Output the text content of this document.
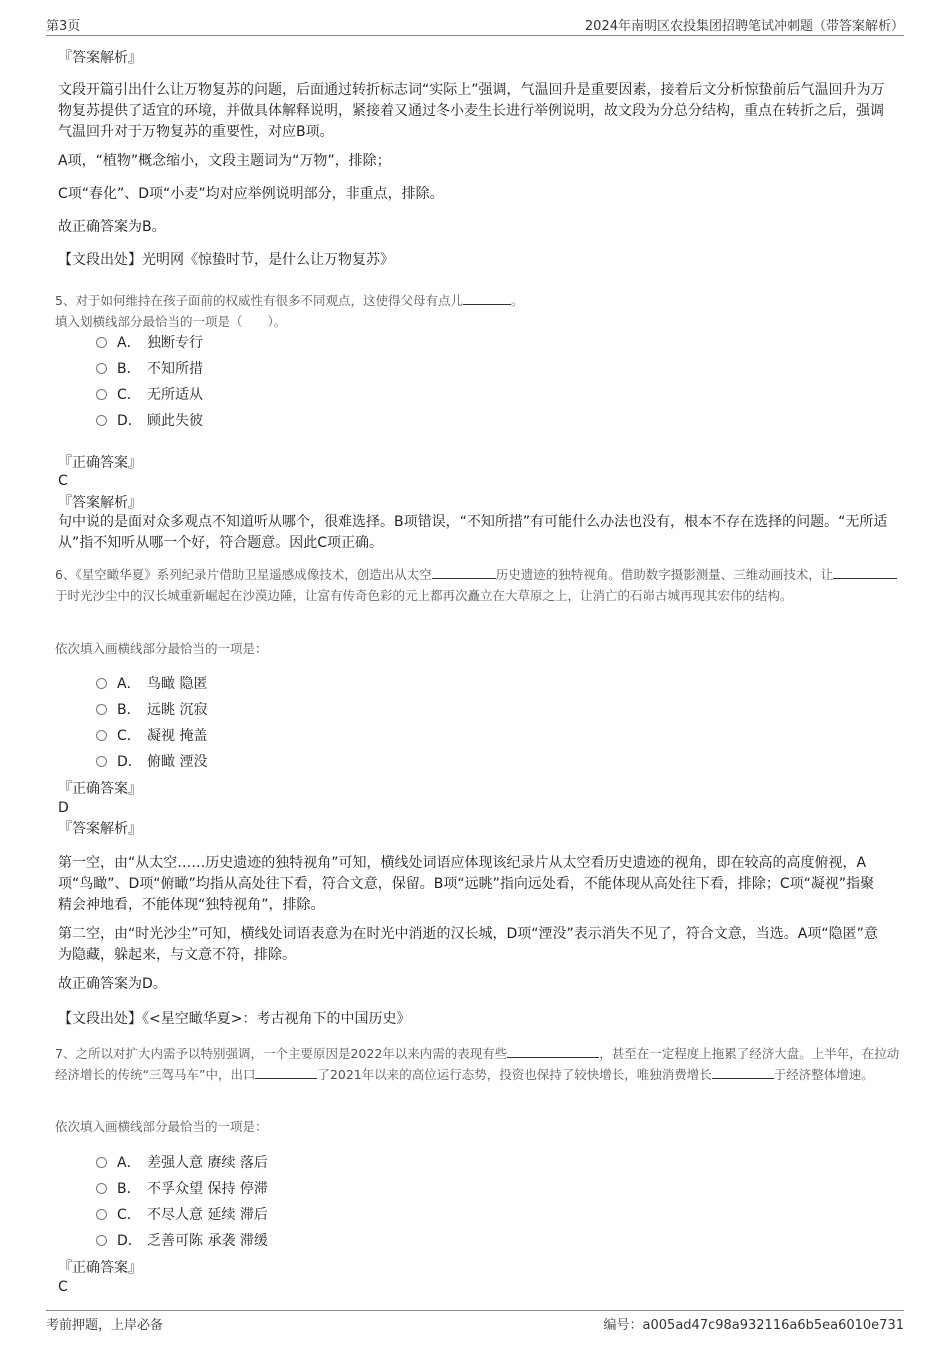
第3页	2024年南明区农投集团招聘笔试冲刺题（带答案解析）
『答案解析』

文段开篇引出什么让万物复苏的问题，后面通过转折标志词“实际上”强调，气温回升是重要因素，接着后文分析惊蛰前后气温回升为万物复苏提供了适宜的环境，并做具体解释说明，紧接着又通过冬小麦生长进行举例说明，故文段为分总分结构，重点在转折之后，强调气温回升对于万物复苏的重要性，对应B项。

A项，“植物”概念缩小，文段主题词为“万物”，排除；

C项“春化”、D项“小麦”均对应举例说明部分，非重点，排除。

故正确答案为B。

【文段出处】光明网《惊蛰时节，是什么让万物复苏》

5、对于如何维持在孩子面前的权威性有很多不同观点，这使得父母有点儿	。
填入划横线部分最恰当的一项是（　　）。
A． 独断专行
B． 不知所措
C． 无所适从
D． 顾此失彼
『正确答案』
C
『答案解析』

句中说的是面对众多观点不知道听从哪个，很难选择。B项错误，“不知所措”有可能什么办法也没有，根本不存在选择的问题。“无所适从”指不知听从哪一个好，符合题意。因此C项正确。

6、《星空瞰华夏》系列纪录片借助卫星遥感成像技术，创造出从太空	历史遗迹的独特视角。借助数字摄影测量、三维动画技术，让于时光沙尘中的汉长城重新崛起在沙漠边陲，让富有传奇色彩的元上都再次矗立在大草原之上，让消亡的石峁古城再现其宏伟的结构。
依次填入画横线部分最恰当的一项是：
A． 鸟瞰 隐匿
B． 远眺 沉寂
C． 凝视 掩盖
D． 俯瞰 湮没
『正确答案』
D
『答案解析』

第一空，由“从太空……历史遗迹的独特视角”可知，横线处词语应体现该纪录片从太空看历史遗迹的视角，即在较高的高度俯视，A项“鸟瞰”、D项“俯瞰”均指从高处往下看，符合文意，保留。B项“远眺”指向远处看，不能体现从高处往下看，排除；C项“凝视”指聚精会神地看，不能体现“独特视角”，排除。

第二空，由“时光沙尘”可知，横线处词语表意为在时光中消逝的汉长城，D项“湮没”表示消失不见了，符合文意，当选。A项“隐匿”意为隐藏，躲起来，与文意不符，排除。

故正确答案为D。

【文段出处】《<星空瞰华夏>：考古视角下的中国历史》

7、之所以对扩大内需予以特别强调，一个主要原因是2022年以来内需的表现有些	，甚至在一定程度上拖累了经济大盘。上半年，在拉动经济增长的传统“三驾马车”中，出口	了2021年以来的高位运行态势，投资也保持了较快增长，唯独消费增长	于经济整体增速。
依次填入画横线部分最恰当的一项是：
A． 差强人意 赓续 落后
B． 不孚众望 保持 停滞
C． 不尽人意 延续 滞后
D． 乏善可陈 承袭 滞缓
『正确答案』
C
考前押题，上岸必备	编号：a005ad47c98a932116a6b5ea6010e731
